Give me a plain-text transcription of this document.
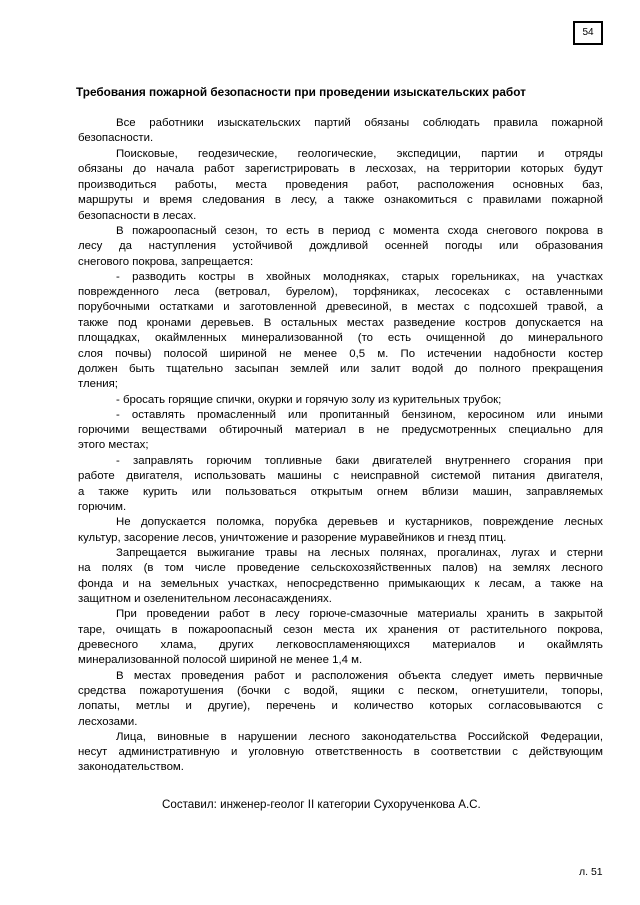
54
Требования пожарной безопасности при проведении изыскательских работ
Все работники изыскательских партий обязаны соблюдать правила пожарной
безопасности.
Поисковые, геодезические, геологические, экспедиции, партии и отряды
обязаны до начала работ зарегистрировать в лесхозах, на территории которых будут
производиться работы, места проведения работ, расположения основных баз,
маршруты и время следования в лесу, а также ознакомиться с правилами пожарной
безопасности в лесах.
В пожароопасный сезон, то есть в период с момента схода снегового покрова в
лесу да наступления устойчивой дождливой осенней погоды или образования
снегового покрова, запрещается:
- разводить костры в хвойных молодняках, старых горельниках, на участках
поврежденного леса (ветровал, бурелом), торфяниках, лесосеках с оставленными
порубочными остатками и заготовленной древесиной, в местах с подсохшей травой, а
также под кронами деревьев. В остальных местах разведение костров допускается на
площадках, окаймленных минерализованной (то есть очищенной до минерального
слоя почвы) полосой шириной не менее 0,5 м. По истечении надобности костер
должен быть тщательно засыпан землей или залит водой до полного прекращения
тления;
- бросать горящие спички, окурки и горячую золу из курительных трубок;
- оставлять промасленный или пропитанный бензином, керосином или иными
горючими веществами обтирочный материал в не предусмотренных специально для
этого местах;
- заправлять горючим топливные баки двигателей внутреннего сгорания при
работе двигателя, использовать машины с неисправной системой питания двигателя,
а также курить или пользоваться открытым огнем вблизи машин, заправляемых
горючим.
Не допускается поломка, порубка деревьев и кустарников, повреждение лесных
культур, засорение лесов, уничтожение и разорение муравейников и гнезд птиц.
Запрещается выжигание травы на лесных полянах, прогалинах, лугах и стерни
на полях (в том числе проведение сельскохозяйственных палов) на землях лесного
фонда и на земельных участках, непосредственно примыкающих к лесам, а также на
защитном и озеленительном лесонасаждениях.
При проведении работ в лесу горюче-смазочные материалы хранить в закрытой
таре, очищать в пожароопасный сезон места их хранения от растительного покрова,
древесного хлама, других легковоспламеняющихся материалов и окаймлять
минерализованной полосой шириной не менее 1,4 м.
В местах проведения работ и расположения объекта следует иметь первичные
средства пожаротушения (бочки с водой, ящики с песком, огнетушители, топоры,
лопаты, метлы и другие), перечень и количество которых согласовываются с
лесхозами.
Лица, виновные в нарушении лесного законодательства Российской Федерации,
несут административную и уголовную ответственность в соответствии с действующим
законодательством.
Составил: инженер-геолог II категории Сухорученкова А.С.
л. 51
